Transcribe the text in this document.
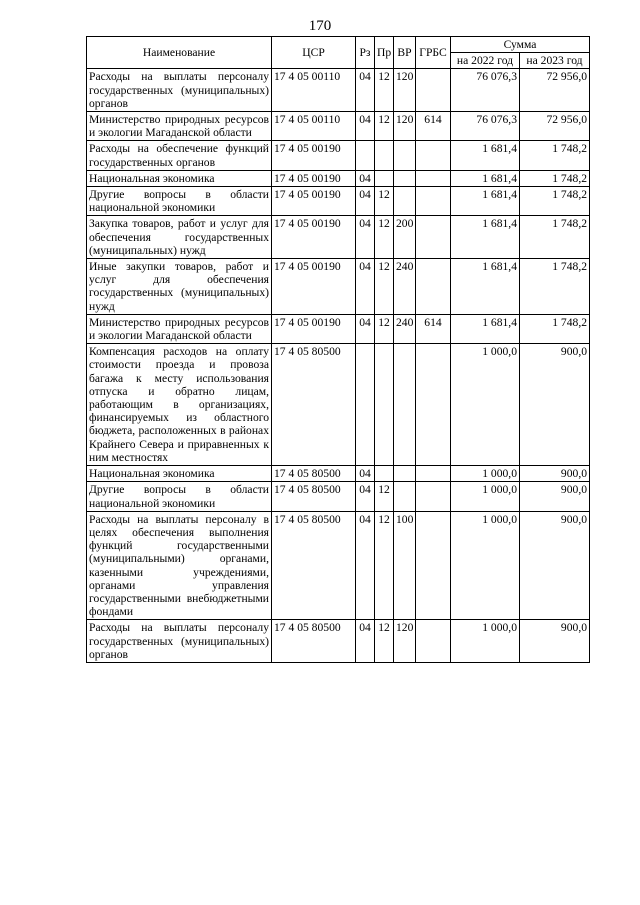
170
Наименование	ЦСР	Рз	Пр	ВР	ГРБС	Сумма	
						на 2022 год	на 2023 год
Расходы на выплаты персоналу государственных (муниципальных) органов	17 4 05 00110	04	12	120		76 076,3	72 956,0
Министерство природных ресурсов и экологии Магаданской области	17 4 05 00110	04	12	120	614	76 076,3	72 956,0
Расходы на обеспечение функций государственных органов	17 4 05 00190					1 681,4	1 748,2
Национальная экономика	17 4 05 00190	04				1 681,4	1 748,2
Другие вопросы в области национальной экономики	17 4 05 00190	04	12			1 681,4	1 748,2
Закупка товаров, работ и услуг для обеспечения государственных (муниципальных) нужд	17 4 05 00190	04	12	200		1 681,4	1 748,2
Иные закупки товаров, работ и услуг для обеспечения государственных (муниципальных) нужд	17 4 05 00190	04	12	240		1 681,4	1 748,2
Министерство природных ресурсов и экологии Магаданской области	17 4 05 00190	04	12	240	614	1 681,4	1 748,2
Компенсация расходов на оплату стоимости проезда и провоза багажа к месту использования отпуска и обратно лицам, работающим в организациях, финансируемых из областного бюджета, расположенных в районах Крайнего Севера и приравненных к ним местностях	17 4 05 80500					1 000,0	900,0
Национальная экономика	17 4 05 80500	04				1 000,0	900,0
Другие вопросы в области национальной экономики	17 4 05 80500	04	12			1 000,0	900,0
Расходы на выплаты персоналу в целях обеспечения выполнения функций государственными (муниципальными) органами, казенными учреждениями, органами управления государственными внебюджетными фондами	17 4 05 80500	04	12	100		1 000,0	900,0
Расходы на выплаты персоналу государственных (муниципальных) органов	17 4 05 80500	04	12	120		1 000,0	900,0
